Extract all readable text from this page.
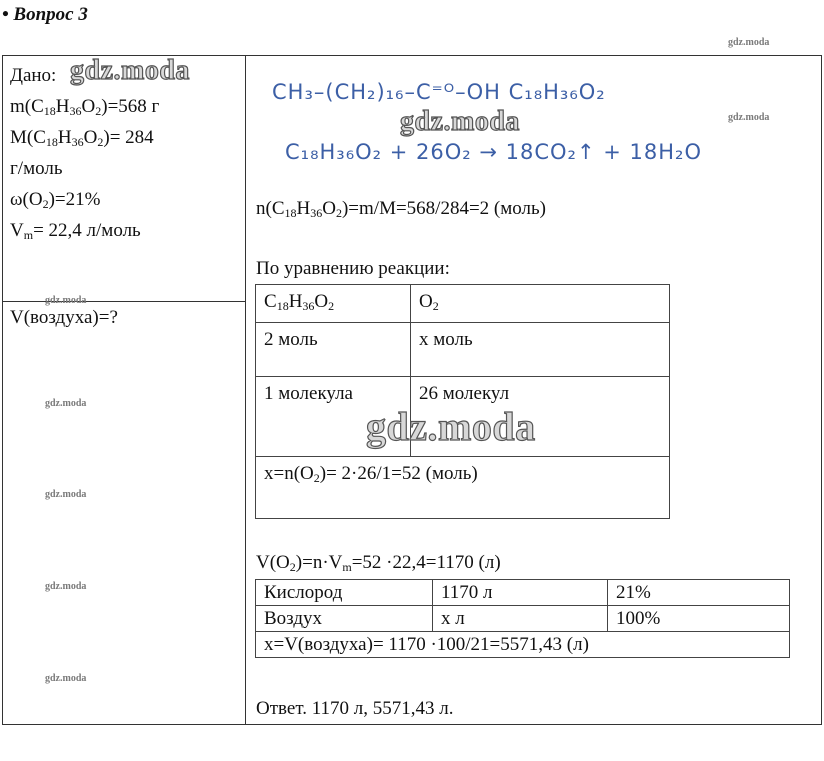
• Вопрос 3
Дано:
$m(C_{18}H_{36}O_2)=568$ г
$M(C_{18}H_{36}O_2)= 284$
г/моль
$\omega(O_2)=21\%$
$V_m= 22,4$ л/моль
V(воздуха)=?
CH₃–(CH₂)₁₆–C⁼ᴼ–OH C₁₈H₃₆O₂
C₁₈H₃₆O₂ + 26O₂ → 18CO₂↑ + 18H₂O
$n(C_{18}H_{36}O_2)=m/M=568/284=2$ (моль)
По уравнению реакции:
$C_{18}H_{36}O_2$	$O_2$
2 моль	x моль
1 молекула	26 молекул
$x=n(O_2)= 2\cdot 26/1=52$ (моль)	
$V(O_2)=n\cdot V_m=52 \cdot 22,4=1170$ (л)
Кислород	1170 л	21%
Воздух	x л	100%
x=V(воздуха)= 1170 ·100/21=5571,43 (л)		
Ответ. 1170 л, 5571,43 л.
gdz.moda
gdz.moda
gdz.moda
gdz.moda
gdz.moda
gdz.moda
gdz.moda
gdz.moda
gdz.moda
gdz.moda
